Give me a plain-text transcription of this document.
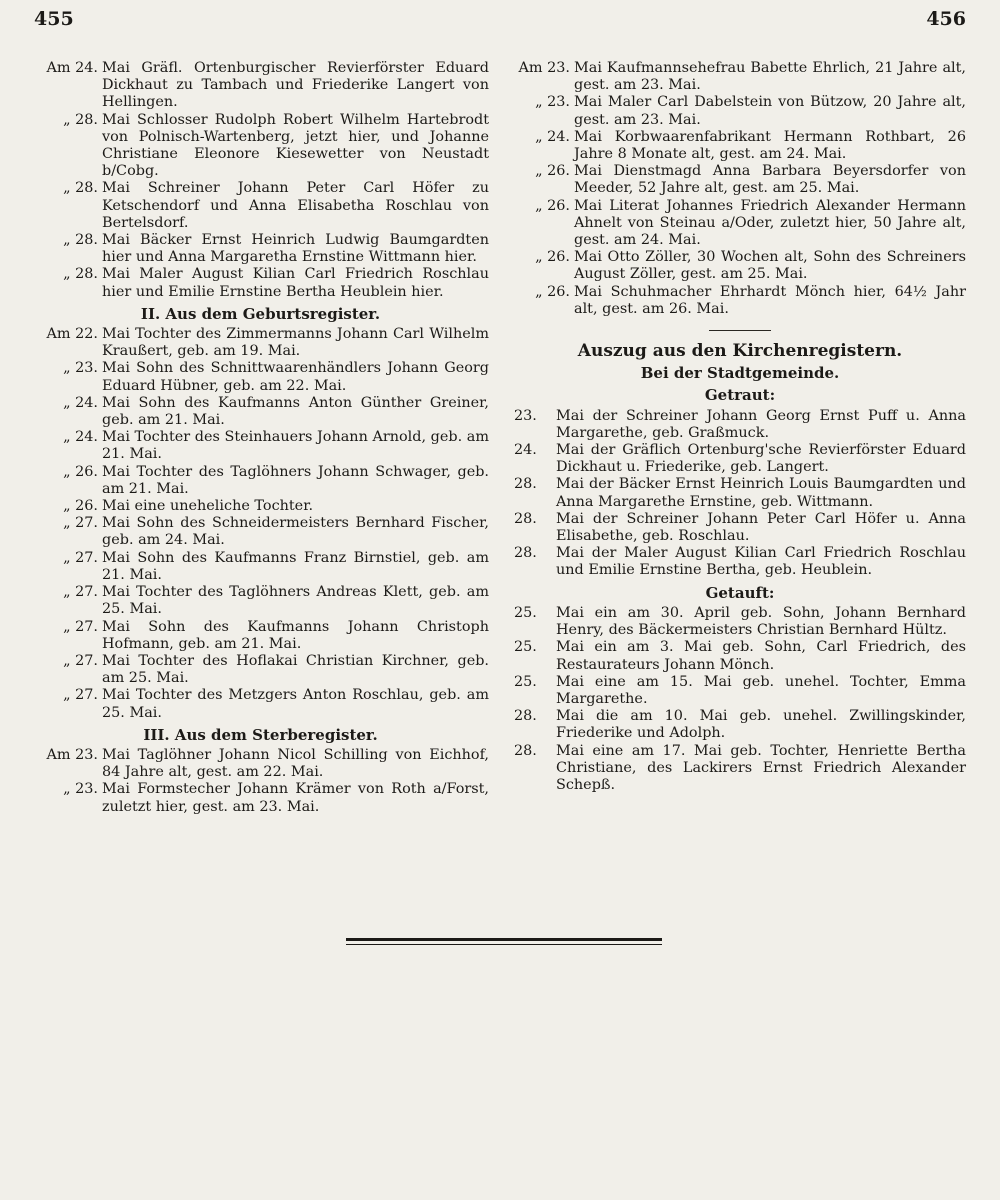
455	456
Am 24. Mai Gräfl. Ortenburgischer Revierförster Eduard Dickhaut zu Tambach und Friederike Langert von Hellingen.
„ 28. Mai Schlosser Rudolph Robert Wilhelm Hartebrodt von Polnisch-Wartenberg, jetzt hier, und Johanne Christiane Eleonore Kiesewetter von Neustadt b/Cobg.
„ 28. Mai Schreiner Johann Peter Carl Höfer zu Ketschendorf und Anna Elisabetha Roschlau von Bertelsdorf.
„ 28. Mai Bäcker Ernst Heinrich Ludwig Baumgardten hier und Anna Margaretha Ernstine Wittmann hier.
„ 28. Mai Maler August Kilian Carl Friedrich Roschlau hier und Emilie Ernstine Bertha Heublein hier.
II. Aus dem Geburtsregister.
Am 22. Mai Tochter des Zimmermanns Johann Carl Wilhelm Kraußert, geb. am 19. Mai.
„ 23. Mai Sohn des Schnittwaarenhändlers Johann Georg Eduard Hübner, geb. am 22. Mai.
„ 24. Mai Sohn des Kaufmanns Anton Günther Greiner, geb. am 21. Mai.
„ 24. Mai Tochter des Steinhauers Johann Arnold, geb. am 21. Mai.
„ 26. Mai Tochter des Taglöhners Johann Schwager, geb. am 21. Mai.
„ 26. Mai eine uneheliche Tochter.
„ 27. Mai Sohn des Schneidermeisters Bernhard Fischer, geb. am 24. Mai.
„ 27. Mai Sohn des Kaufmanns Franz Birnstiel, geb. am 21. Mai.
„ 27. Mai Tochter des Taglöhners Andreas Klett, geb. am 25. Mai.
„ 27. Mai Sohn des Kaufmanns Johann Christoph Hofmann, geb. am 21. Mai.
„ 27. Mai Tochter des Hoflakai Christian Kirchner, geb. am 25. Mai.
„ 27. Mai Tochter des Metzgers Anton Roschlau, geb. am 25. Mai.
III. Aus dem Sterberegister.
Am 23. Mai Taglöhner Johann Nicol Schilling von Eichhof, 84 Jahre alt, gest. am 22. Mai.
„ 23. Mai Formstecher Johann Krämer von Roth a/Forst, zuletzt hier, gest. am 23. Mai.
Am 23. Mai Kaufmannsehefrau Babette Ehrlich, 21 Jahre alt, gest. am 23. Mai.
„ 23. Mai Maler Carl Dabelstein von Bützow, 20 Jahre alt, gest. am 23. Mai.
„ 24. Mai Korbwaarenfabrikant Hermann Rothbart, 26 Jahre 8 Monate alt, gest. am 24. Mai.
„ 26. Mai Dienstmagd Anna Barbara Beyersdorfer von Meeder, 52 Jahre alt, gest. am 25. Mai.
„ 26. Mai Literat Johannes Friedrich Alexander Hermann Ahnelt von Steinau a/Oder, zuletzt hier, 50 Jahre alt, gest. am 24. Mai.
„ 26. Mai Otto Zöller, 30 Wochen alt, Sohn des Schreiners August Zöller, gest. am 25. Mai.
„ 26. Mai Schuhmacher Ehrhardt Mönch hier, 64½ Jahr alt, gest. am 26. Mai.
Auszug aus den Kirchenregistern.
Bei der Stadtgemeinde.
Getraut:
23.	Mai der Schreiner Johann Georg Ernst Puff u. Anna Margarethe, geb. Graßmuck.
24.	Mai der Gräflich Ortenburg'sche Revierförster Eduard Dickhaut u. Friederike, geb. Langert.
28.	Mai der Bäcker Ernst Heinrich Louis Baumgardten und Anna Margarethe Ernstine, geb. Wittmann.
28.	Mai der Schreiner Johann Peter Carl Höfer u. Anna Elisabethe, geb. Roschlau.
28.	Mai der Maler August Kilian Carl Friedrich Roschlau und Emilie Ernstine Bertha, geb. Heublein.
Getauft:
25.	Mai ein am 30. April geb. Sohn, Johann Bernhard Henry, des Bäckermeisters Christian Bernhard Hültz.
25.	Mai ein am 3. Mai geb. Sohn, Carl Friedrich, des Restaurateurs Johann Mönch.
25.	Mai eine am 15. Mai geb. unehel. Tochter, Emma Margarethe.
28.	Mai die am 10. Mai geb. unehel. Zwillingskinder, Friederike und Adolph.
28.	Mai eine am 17. Mai geb. Tochter, Henriette Bertha Christiane, des Lackirers Ernst Friedrich Alexander Schepß.
